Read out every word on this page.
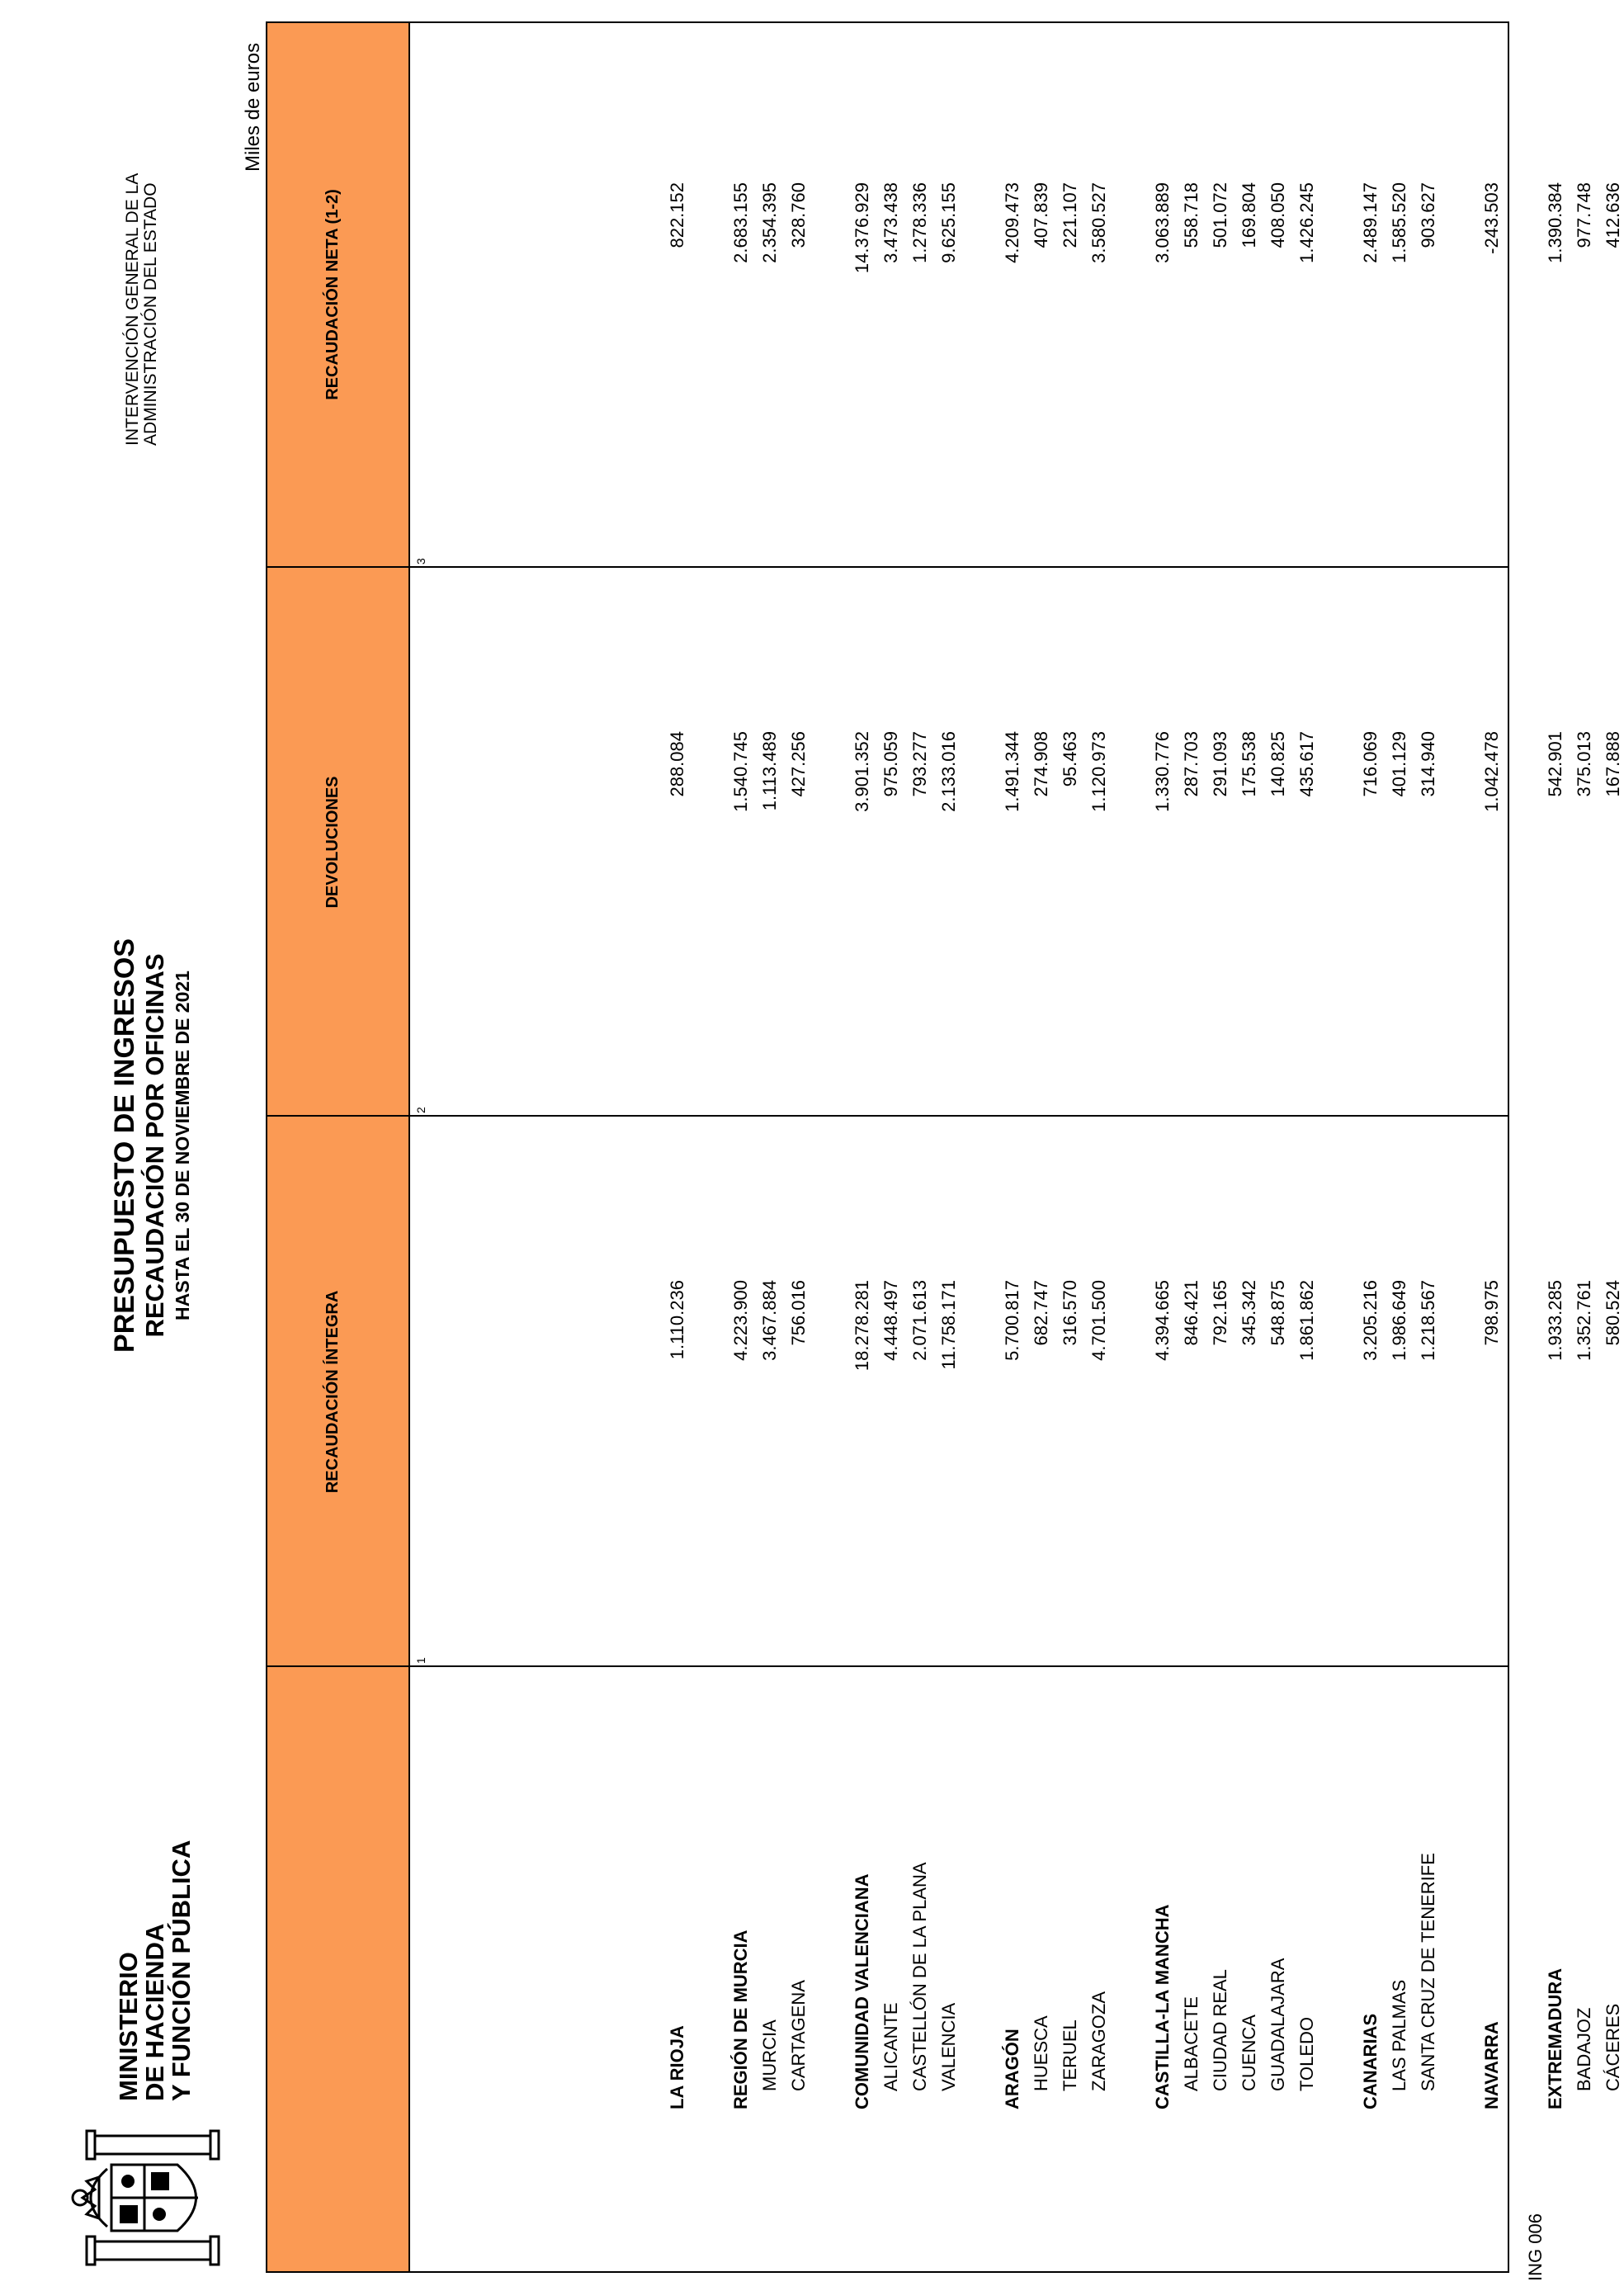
MINISTERIO
DE HACIENDA
Y FUNCIÓN PÚBLICA
PRESUPUESTO DE INGRESOS RECAUDACIÓN POR OFICINAS HASTA EL 30 DE NOVIEMBRE DE 2021
INTERVENCIÓN GENERAL DE LA ADMINISTRACIÓN DEL ESTADO
Miles de euros
RECAUDACIÓN ÍNTEGRA
DEVOLUCIONES
RECAUDACIÓN NETA (1-2)
1
2
3
LA RIOJA
1.110.236
288.084
822.152
REGIÓN DE MURCIA
4.223.900
1.540.745
2.683.155
MURCIA
3.467.884
1.113.489
2.354.395
CARTAGENA
756.016
427.256
328.760
COMUNIDAD VALENCIANA
18.278.281
3.901.352
14.376.929
ALICANTE
4.448.497
975.059
3.473.438
CASTELLÓN DE LA PLANA
2.071.613
793.277
1.278.336
VALENCIA
11.758.171
2.133.016
9.625.155
ARAGÓN
5.700.817
1.491.344
4.209.473
HUESCA
682.747
274.908
407.839
TERUEL
316.570
95.463
221.107
ZARAGOZA
4.701.500
1.120.973
3.580.527
CASTILLA-LA MANCHA
4.394.665
1.330.776
3.063.889
ALBACETE
846.421
287.703
558.718
CIUDAD REAL
792.165
291.093
501.072
CUENCA
345.342
175.538
169.804
GUADALAJARA
548.875
140.825
408.050
TOLEDO
1.861.862
435.617
1.426.245
CANARIAS
3.205.216
716.069
2.489.147
LAS PALMAS
1.986.649
401.129
1.585.520
SANTA CRUZ DE TENERIFE
1.218.567
314.940
903.627
NAVARRA
798.975
1.042.478
-243.503
EXTREMADURA
1.933.285
542.901
1.390.384
BADAJOZ
1.352.761
375.013
977.748
CÁCERES
580.524
167.888
412.636
ING 006
